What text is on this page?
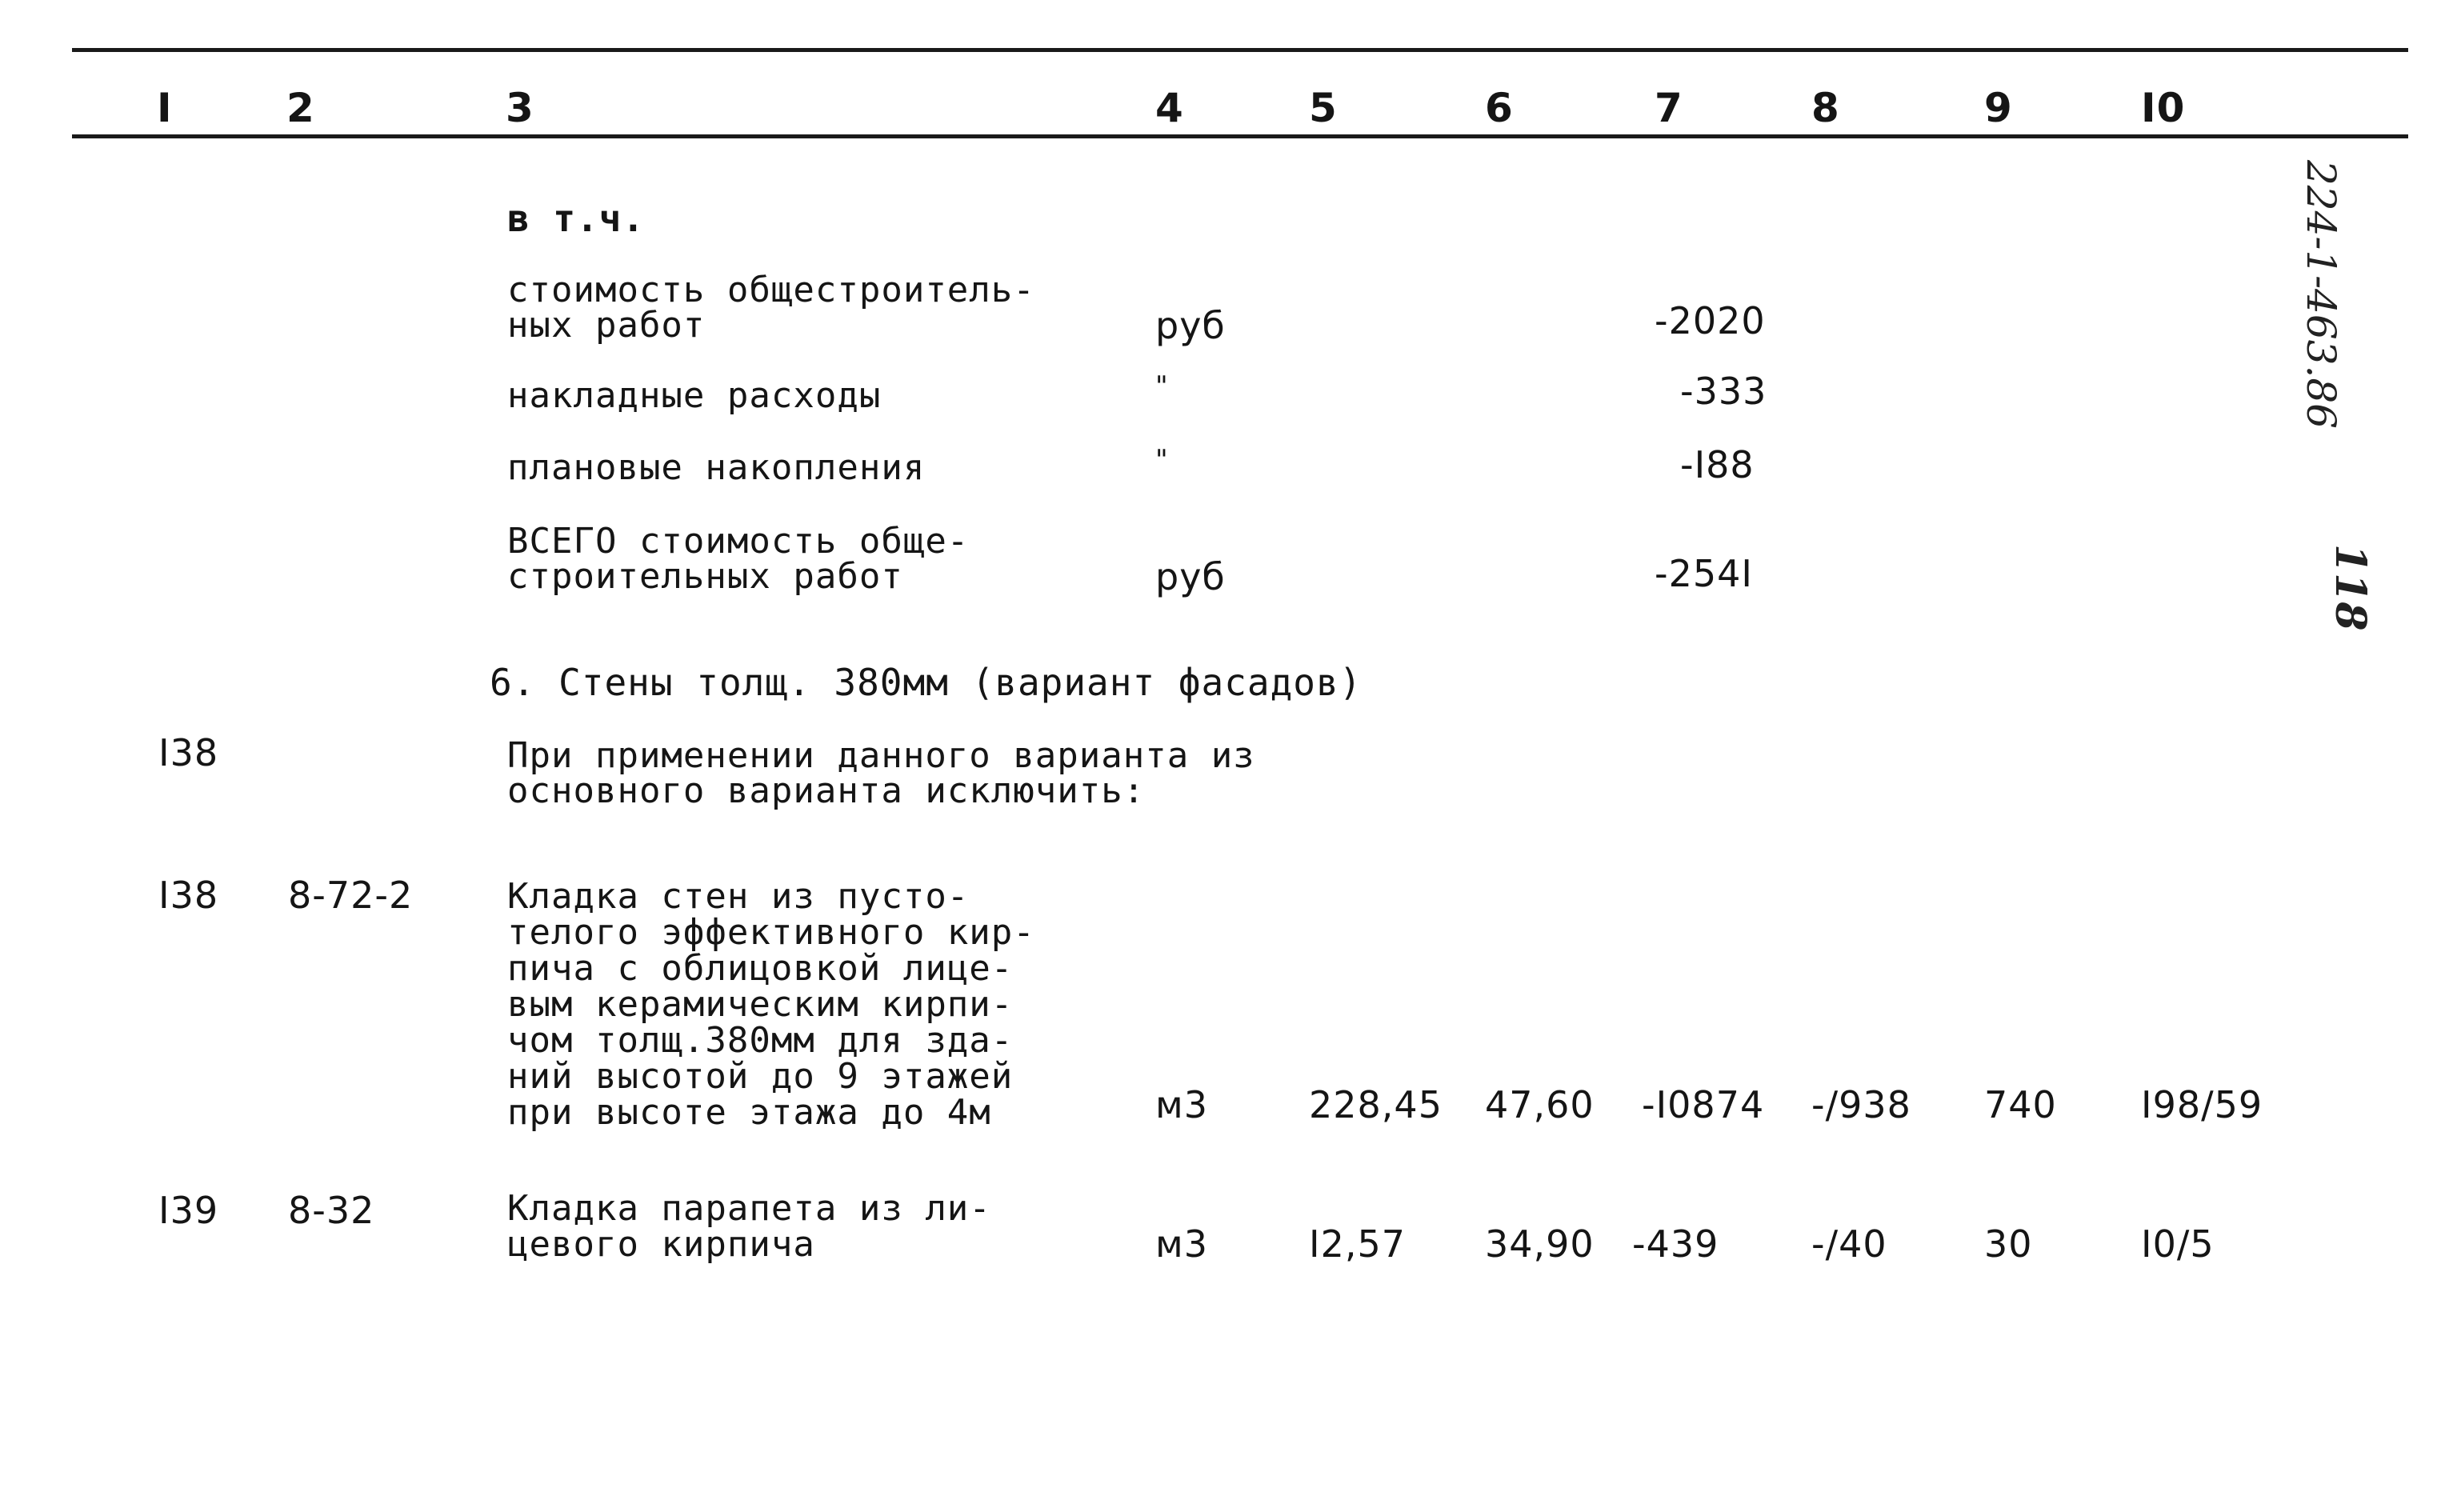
I	2	3	4	5	6	7	8	9	I0
224-1-463.86
118
в т.ч.
стоимость общестроитель-
ных работ	руб	-2020
накладные расходы	"	-333
плановые накопления	"	-I88
ВСЕГО стоимость обще-
строительных работ	руб	-254I
6. Стены толщ. 380мм (вариант фасадов)
I38	При применении данного варианта из
основного варианта исключить:
I38 8-72-2	Кладка стен из пусто-
телого эффективного кир-
пича с облицовкой лице-
вым керамическим кирпи-
чом толщ.380мм для зда-
ний высотой до 9 этажей
при высоте этажа до 4м	м3	228,45 47,60 -I0874 -/938 740 I98/59
I39 8-32	Кладка парапета из ли-
цевого кирпича	м3	I2,57 34,90 -439	-/40	30	I0/5
